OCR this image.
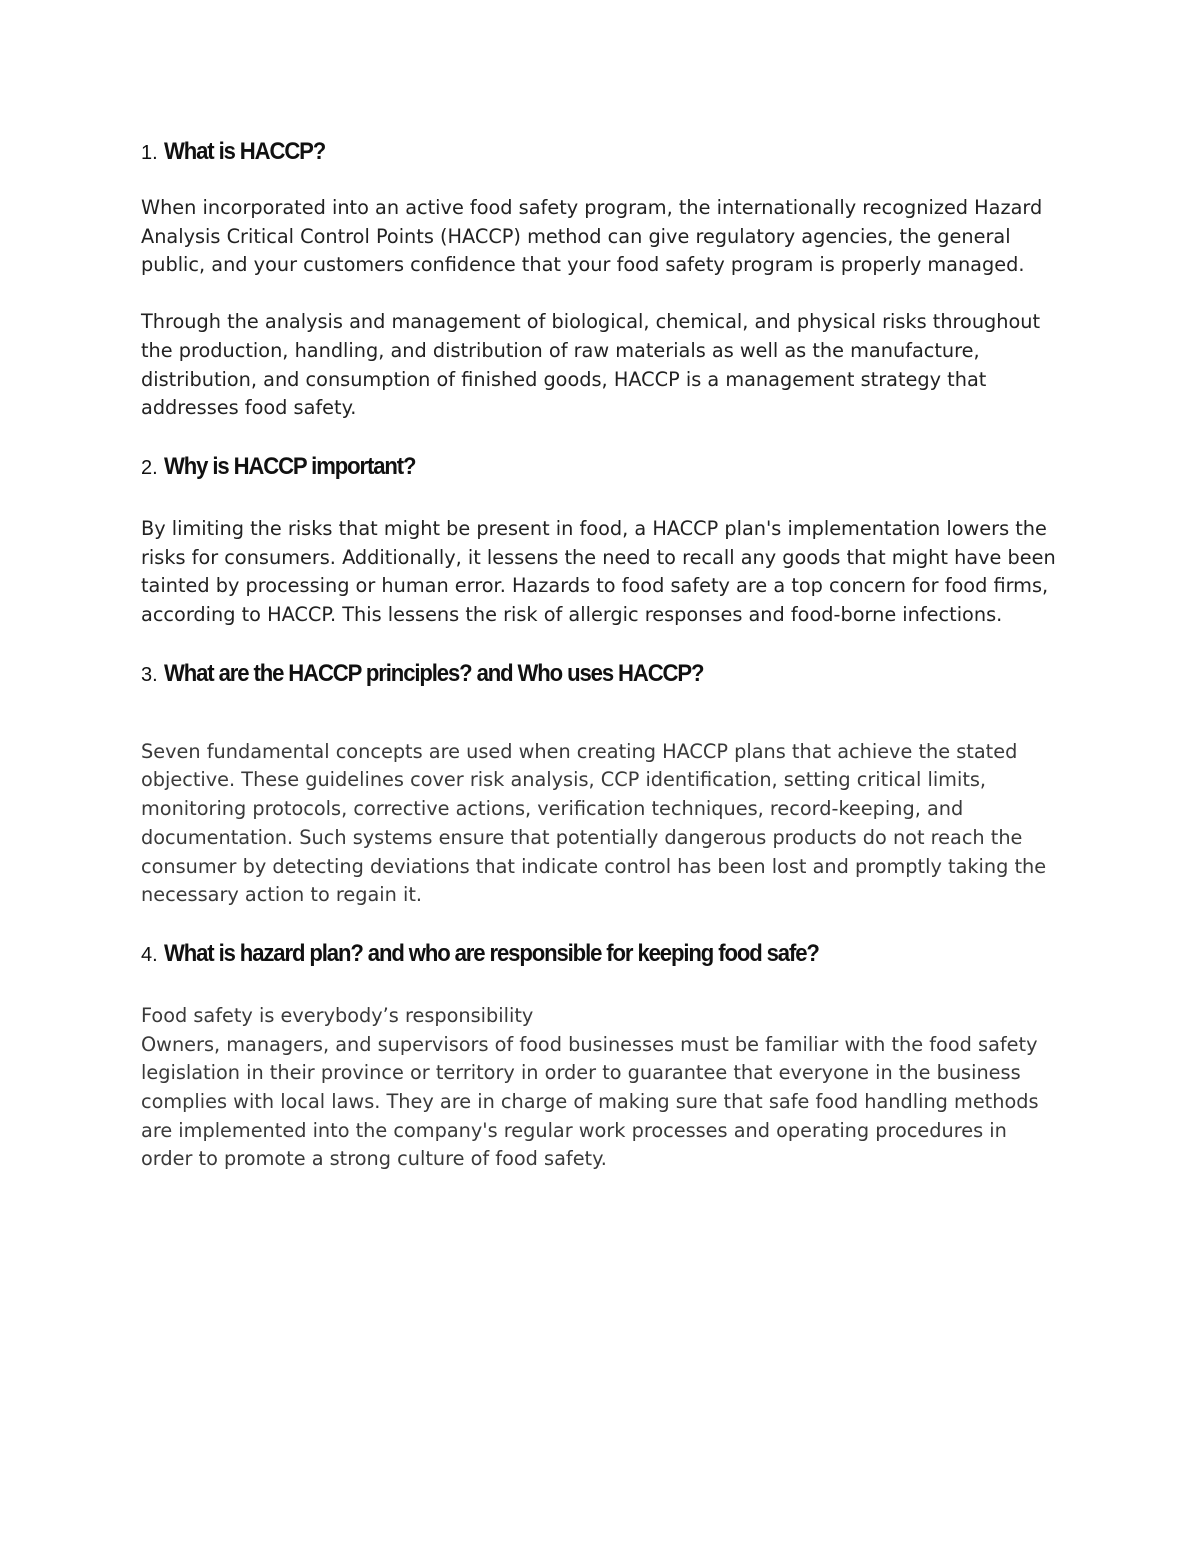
1. What is HACCP?

When incorporated into an active food safety program, the internationally recognized Hazard Analysis Critical Control Points (HACCP) method can give regulatory agencies, the general public, and your customers confidence that your food safety program is properly managed.

Through the analysis and management of biological, chemical, and physical risks throughout the production, handling, and distribution of raw materials as well as the manufacture, distribution, and consumption of finished goods, HACCP is a management strategy that addresses food safety.

2. Why is HACCP important?

By limiting the risks that might be present in food, a HACCP plan's implementation lowers the risks for consumers. Additionally, it lessens the need to recall any goods that might have been tainted by processing or human error. Hazards to food safety are a top concern for food firms, according to HACCP. This lessens the risk of allergic responses and food-borne infections.

3. What are the HACCP principles? and Who uses HACCP?

Seven fundamental concepts are used when creating HACCP plans that achieve the stated objective. These guidelines cover risk analysis, CCP identification, setting critical limits, monitoring protocols, corrective actions, verification techniques, record-keeping, and documentation. Such systems ensure that potentially dangerous products do not reach the consumer by detecting deviations that indicate control has been lost and promptly taking the necessary action to regain it.

4. What is hazard plan? and who are responsible for keeping food safe?

Food safety is everybody’s responsibility

Owners, managers, and supervisors of food businesses must be familiar with the food safety legislation in their province or territory in order to guarantee that everyone in the business complies with local laws. They are in charge of making sure that safe food handling methods are implemented into the company's regular work processes and operating procedures in order to promote a strong culture of food safety.
